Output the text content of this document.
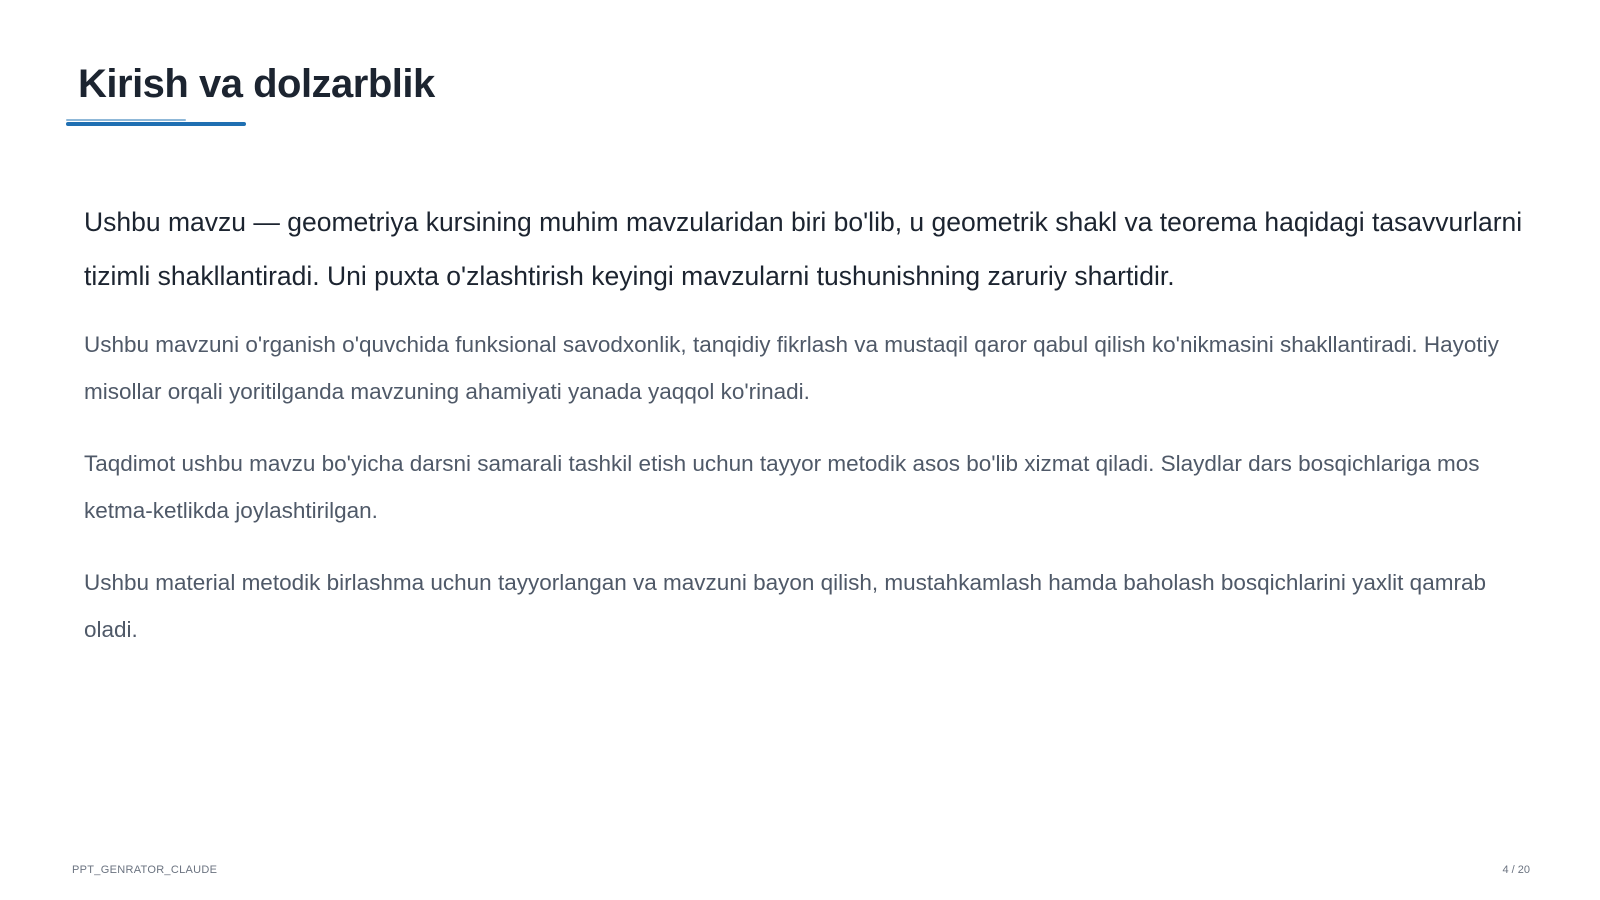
Kirish va dolzarblik

Ushbu mavzu — geometriya kursining muhim mavzularidan biri bo'lib, u geometrik shakl va teorema haqidagi tasavvurlarni tizimli shakllantiradi. Uni puxta o'zlashtirish keyingi mavzularni tushunishning zaruriy shartidir.

Ushbu mavzuni o'rganish o'quvchida funksional savodxonlik, tanqidiy fikrlash va mustaqil qaror qabul qilish ko'nikmasini shakllantiradi. Hayotiy misollar orqali yoritilganda mavzuning ahamiyati yanada yaqqol ko'rinadi.

Taqdimot ushbu mavzu bo'yicha darsni samarali tashkil etish uchun tayyor metodik asos bo'lib xizmat qiladi. Slaydlar dars bosqichlariga mos ketma-ketlikda joylashtirilgan.

Ushbu material metodik birlashma uchun tayyorlangan va mavzuni bayon qilish, mustahkamlash hamda baholash bosqichlarini yaxlit qamrab oladi.

PPT_GENRATOR_CLAUDE	4 / 20
